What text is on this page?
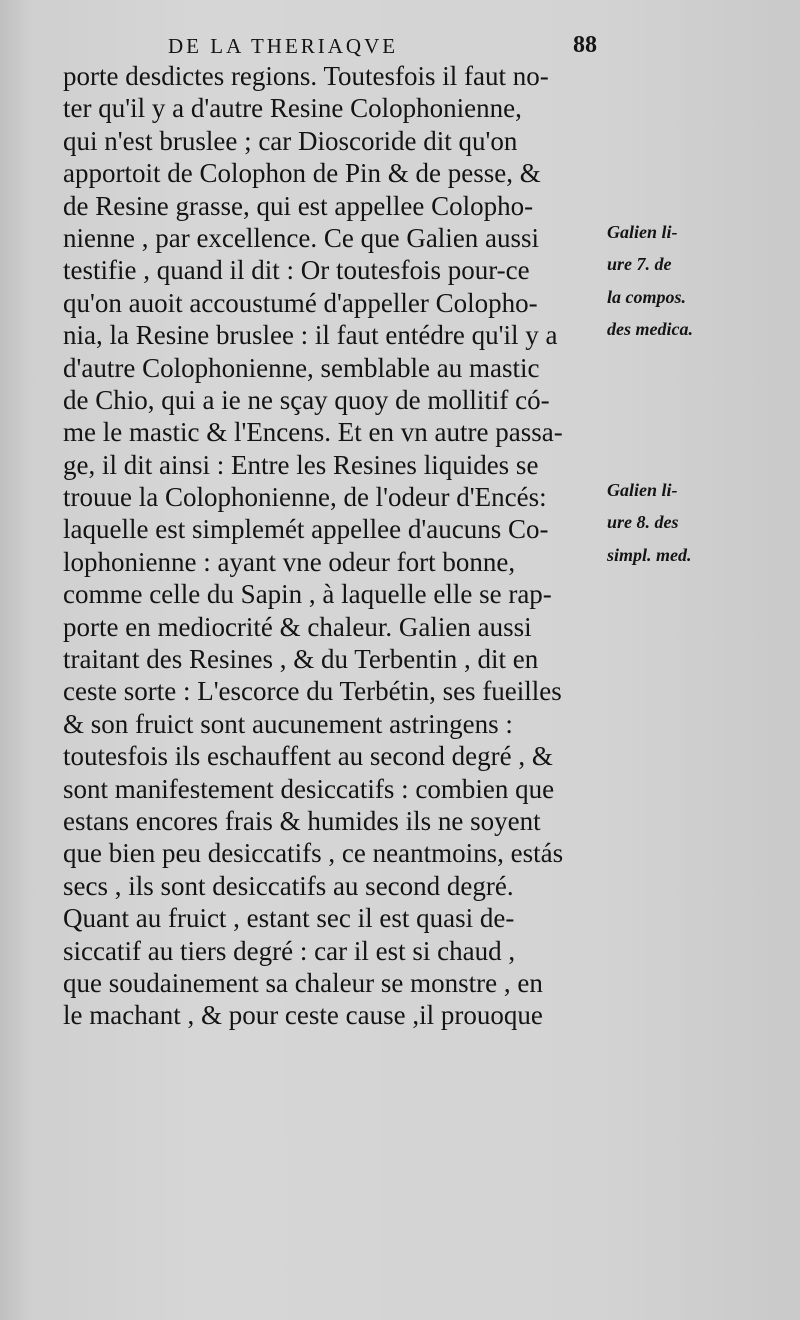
DE LA THERIAQVE	88
porte desdictes regions. Toutesfois il faut no-
ter qu'il y a d'autre Resine Colophonienne,
qui n'est bruslee ; car Dioscoride dit qu'on
apportoit de Colophon de Pin & de pesse, &
de Resine grasse, qui est appellee Colopho-
nienne , par excellence. Ce que Galien aussi
testifie , quand il dit : Or toutesfois pour-ce
qu'on auoit accoustumé d'appeller Colopho-
nia, la Resine bruslee : il faut entédre qu'il y a
d'autre Colophonienne, semblable au mastic
de Chio, qui a ie ne sçay quoy de mollitif có-
me le mastic & l'Encens. Et en vn autre passa-
ge, il dit ainsi : Entre les Resines liquides se
trouue la Colophonienne, de l'odeur d'Encés:
laquelle est simplemét appellee d'aucuns Co-
lophonienne : ayant vne odeur fort bonne,
comme celle du Sapin , à laquelle elle se rap-
porte en mediocrité & chaleur. Galien aussi
traitant des Resines , & du Terbentin , dit en
ceste sorte : L'escorce du Terbétin, ses fueilles
& son fruict sont aucunement astringens :
toutesfois ils eschauffent au second degré , &
sont manifestement desiccatifs : combien que
estans encores frais & humides ils ne soyent
que bien peu desiccatifs , ce neantmoins, estás
secs , ils sont desiccatifs au second degré.
Quant au fruict , estant sec il est quasi de-
siccatif au tiers degré : car il est si chaud ,
que soudainement sa chaleur se monstre , en
le machant , & pour ceste cause ,il prouoque
Galien li-
ure 7. de
la compos.
des medica.
Galien li-
ure 8. des
simpl. med.
